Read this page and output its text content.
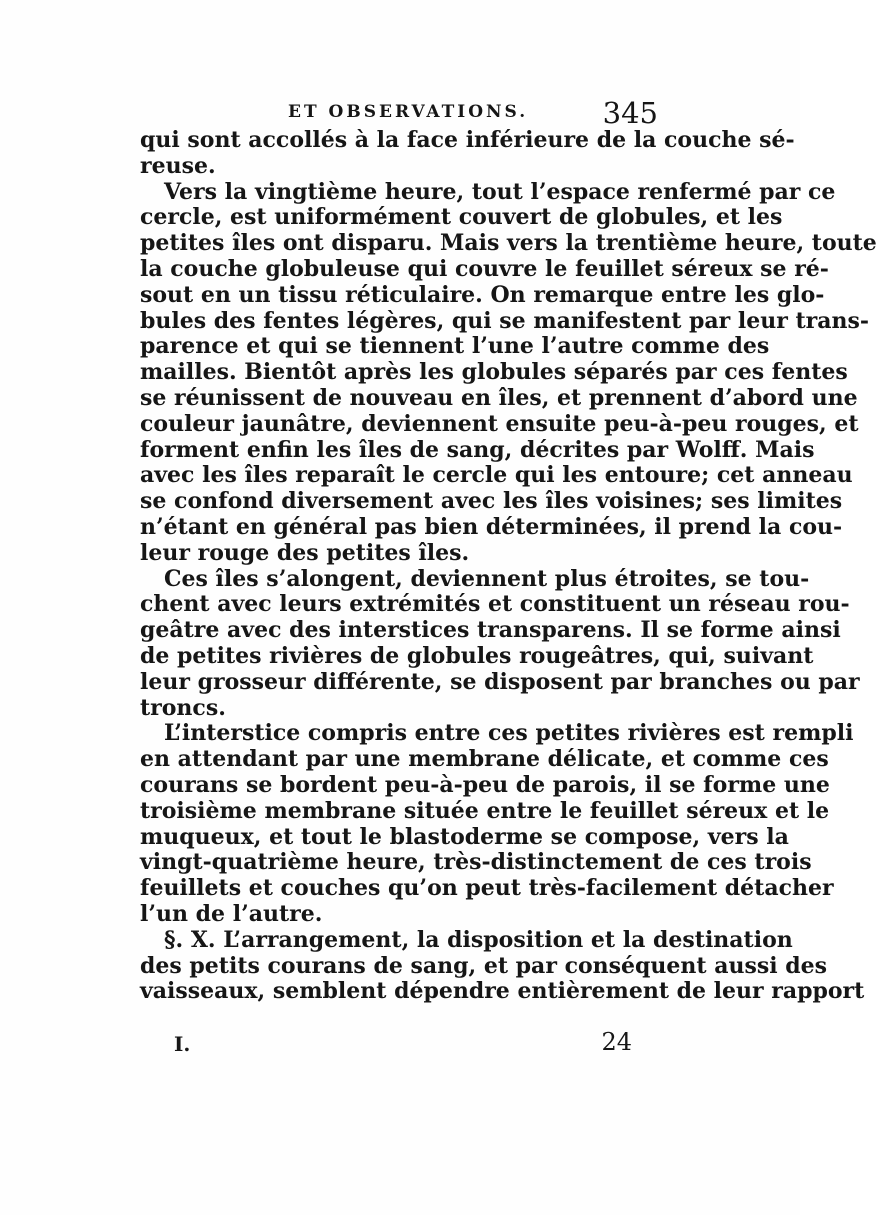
ET OBSERVATIONS.	345
qui sont accollés à la face inférieure de la couche sé-
reuse.
Vers la vingtième heure, tout l’espace renfermé par ce
cercle, est uniformément couvert de globules, et les
petites îles ont disparu. Mais vers la trentième heure, toute
la couche globuleuse qui couvre le feuillet séreux se ré-
sout en un tissu réticulaire. On remarque entre les glo-
bules des fentes légères, qui se manifestent par leur trans-
parence et qui se tiennent l’une l’autre comme des
mailles. Bientôt après les globules séparés par ces fentes
se réunissent de nouveau en îles, et prennent d’abord une
couleur jaunâtre, deviennent ensuite peu-à-peu rouges, et
forment enfin les îles de sang, décrites par Wolff. Mais
avec les îles reparaît le cercle qui les entoure; cet anneau
se confond diversement avec les îles voisines; ses limites
n’étant en général pas bien déterminées, il prend la cou-
leur rouge des petites îles.
Ces îles s’alongent, deviennent plus étroites, se tou-
chent avec leurs extrémités et constituent un réseau rou-
geâtre avec des interstices transparens. Il se forme ainsi
de petites rivières de globules rougeâtres, qui, suivant
leur grosseur différente, se disposent par branches ou par
troncs.
L’interstice compris entre ces petites rivières est rempli
en attendant par une membrane délicate, et comme ces
courans se bordent peu-à-peu de parois, il se forme une
troisième membrane située entre le feuillet séreux et le
muqueux, et tout le blastoderme se compose, vers la
vingt-quatrième heure, très-distinctement de ces trois
feuillets et couches qu’on peut très-facilement détacher
l’un de l’autre.
§. X. L’arrangement, la disposition et la destination
des petits courans de sang, et par conséquent aussi des
vaisseaux, semblent dépendre entièrement de leur rapport
I.	24
